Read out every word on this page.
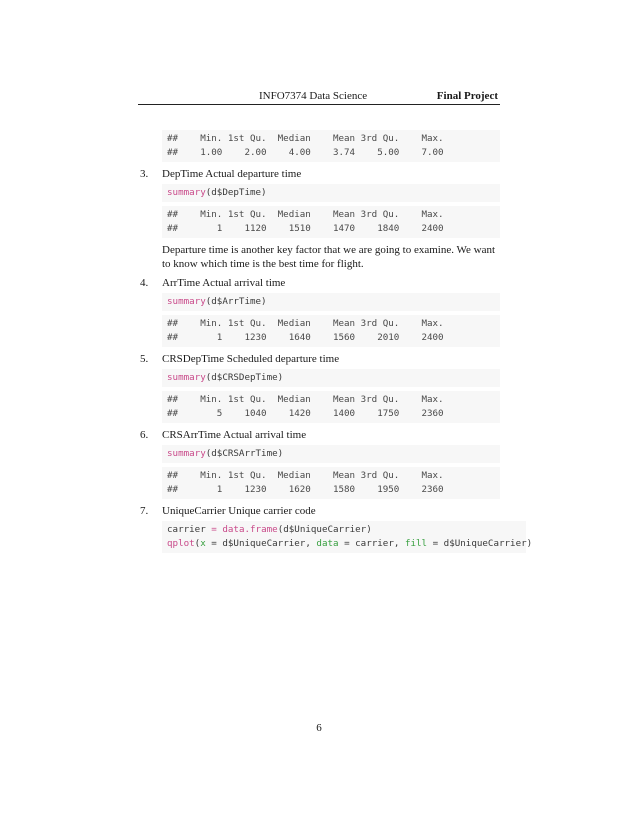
INFO7374 Data Science	Final Project
##    Min. 1st Qu.  Median    Mean 3rd Qu.    Max.
##    1.00    2.00    4.00    3.74    5.00    7.00
3. DepTime Actual departure time
summary(d$DepTime)
##    Min. 1st Qu.  Median    Mean 3rd Qu.    Max.
##       1    1120    1510    1470    1840    2400
Departure time is another key factor that we are going to examine. We want to know which time is the best time for flight.
4. ArrTime Actual arrival time
summary(d$ArrTime)
##    Min. 1st Qu.  Median    Mean 3rd Qu.    Max.
##       1    1230    1640    1560    2010    2400
5. CRSDepTime Scheduled departure time
summary(d$CRSDepTime)
##    Min. 1st Qu.  Median    Mean 3rd Qu.    Max.
##       5    1040    1420    1400    1750    2360
6. CRSArrTime Actual arrival time
summary(d$CRSArrTime)
##    Min. 1st Qu.  Median    Mean 3rd Qu.    Max.
##       1    1230    1620    1580    1950    2360
7. UniqueCarrier Unique carrier code
carrier = data.frame(d$UniqueCarrier)
qplot(x = d$UniqueCarrier, data = carrier, fill = d$UniqueCarrier)
6
